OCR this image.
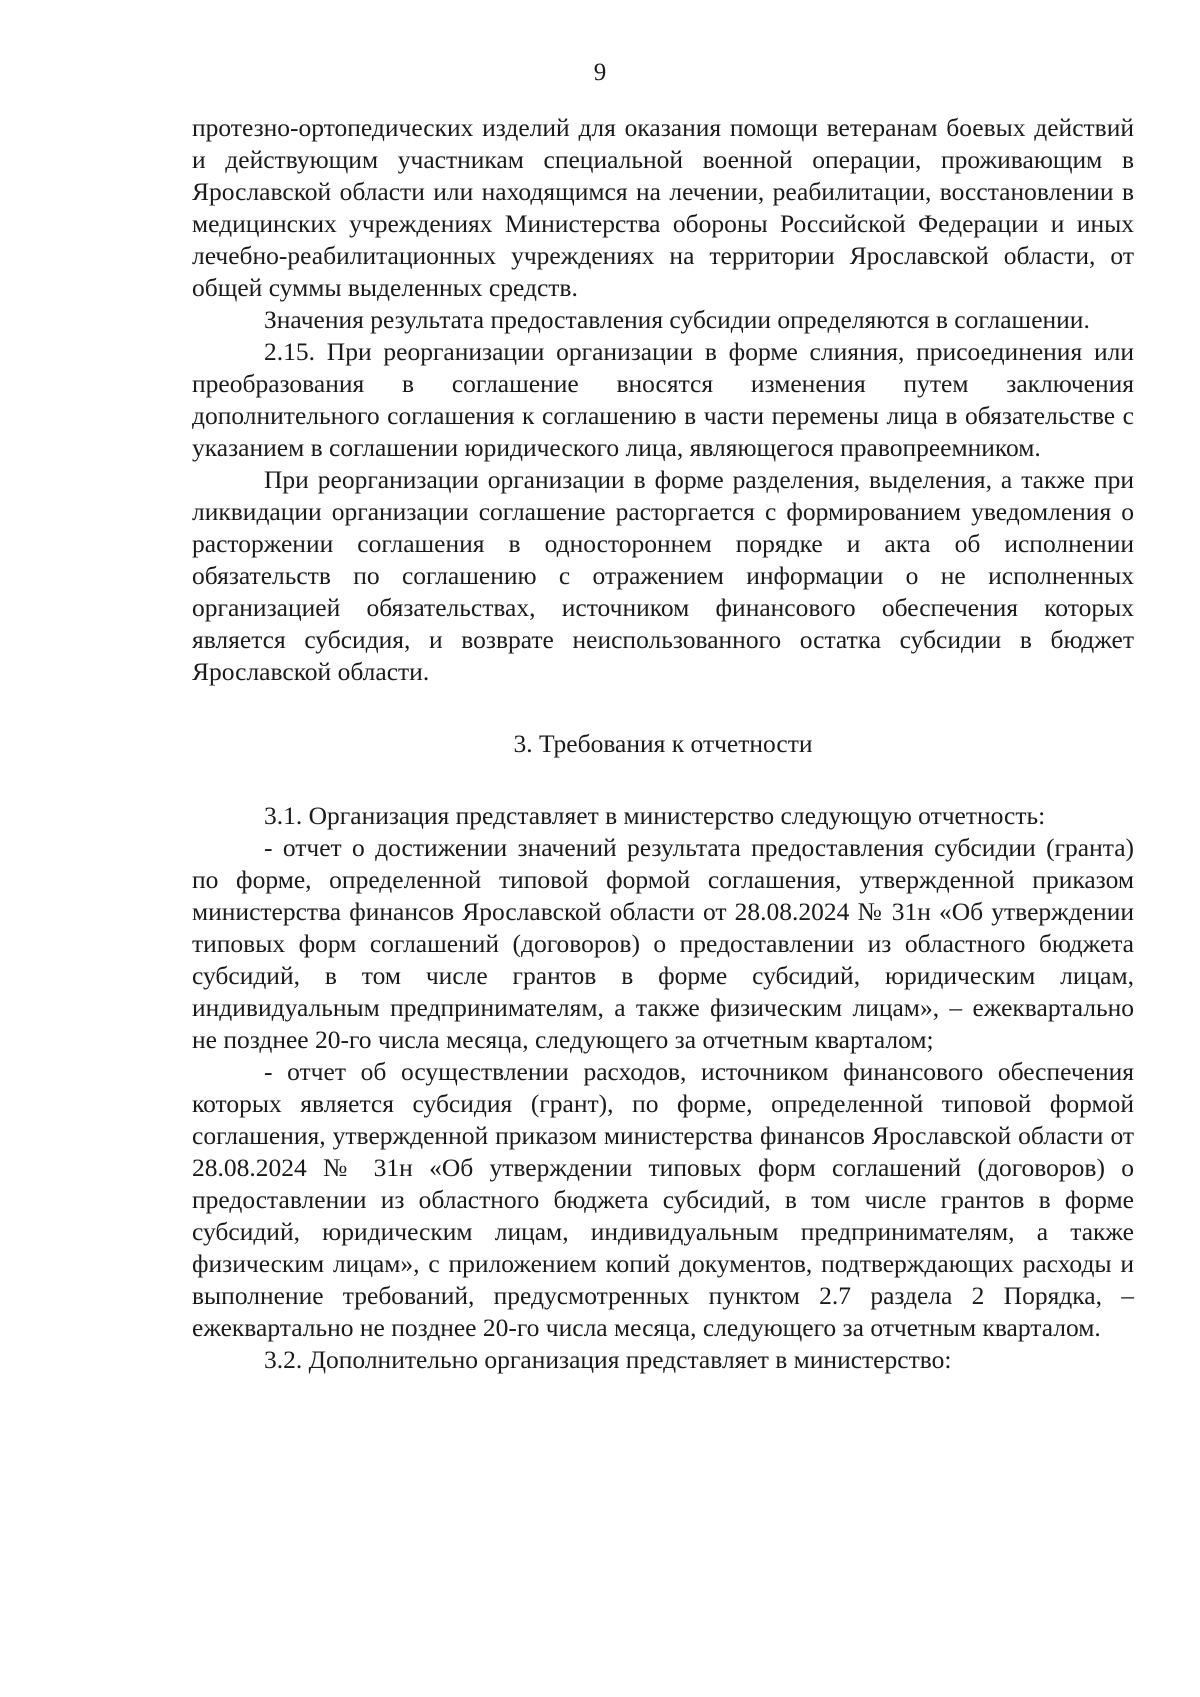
9

протезно-ортопедических изделий для оказания помощи ветеранам боевых действий и действующим участникам специальной военной операции, проживающим в Ярославской области или находящимся на лечении, реабилитации, восстановлении в медицинских учреждениях Министерства обороны Российской Федерации и иных лечебно-реабилитационных учреждениях на территории Ярославской области, от общей суммы выделенных средств.

Значения результата предоставления субсидии определяются в соглашении.

2.15. При реорганизации организации в форме слияния, присоединения или преобразования в соглашение вносятся изменения путем заключения дополнительного соглашения к соглашению в части перемены лица в обязательстве с указанием в соглашении юридического лица, являющегося правопреемником.

При реорганизации организации в форме разделения, выделения, а также при ликвидации организации соглашение расторгается с формированием уведомления о расторжении соглашения в одностороннем порядке и акта об исполнении обязательств по соглашению с отражением информации о не исполненных организацией обязательствах, источником финансового обеспечения которых является субсидия, и возврате неиспользованного остатка субсидии в бюджет Ярославской области.

3. Требования к отчетности

3.1. Организация представляет в министерство следующую отчетность:

- отчет о достижении значений результата предоставления субсидии (гранта) по форме, определенной типовой формой соглашения, утвержденной приказом министерства финансов Ярославской области от 28.08.2024 № 31н «Об утверждении типовых форм соглашений (договоров) о предоставлении из областного бюджета субсидий, в том числе грантов в форме субсидий, юридическим лицам, индивидуальным предпринимателям, а также физическим лицам», – ежеквартально не позднее 20-го числа месяца, следующего за отчетным кварталом;

- отчет об осуществлении расходов, источником финансового обеспечения которых является субсидия (грант), по форме, определенной типовой формой соглашения, утвержденной приказом министерства финансов Ярославской области от 28.08.2024 № 31н «Об утверждении типовых форм соглашений (договоров) о предоставлении из областного бюджета субсидий, в том числе грантов в форме субсидий, юридическим лицам, индивидуальным предпринимателям, а также физическим лицам», с приложением копий документов, подтверждающих расходы и выполнение требований, предусмотренных пунктом 2.7 раздела 2 Порядка, – ежеквартально не позднее 20-го числа месяца, следующего за отчетным кварталом.

3.2. Дополнительно организация представляет в министерство:
